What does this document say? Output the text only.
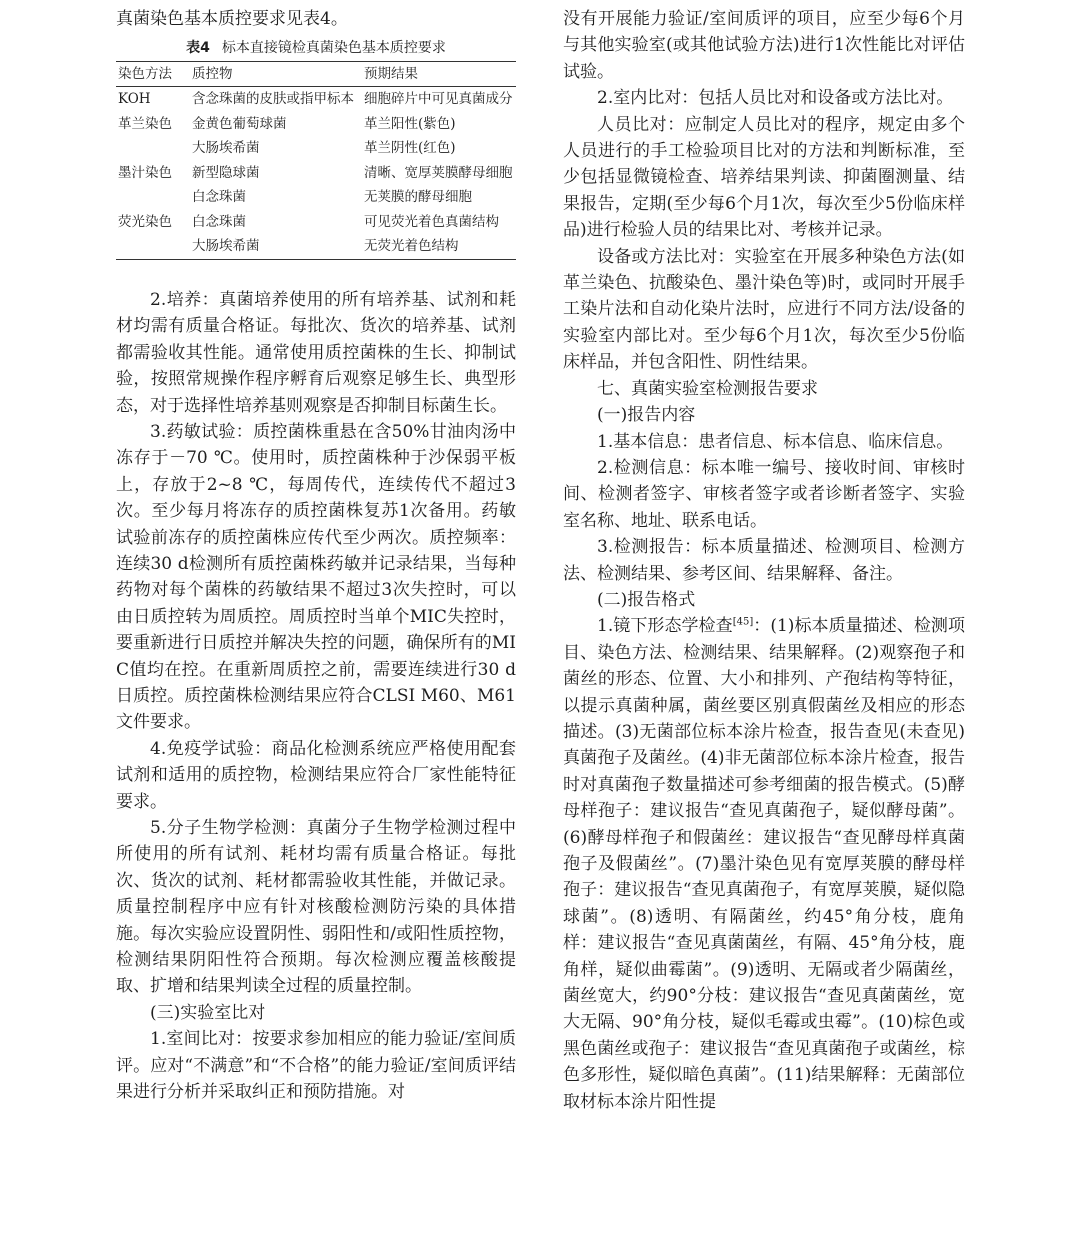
真菌染色基本质控要求见表4。

表4 标本直接镜检真菌染色基本质控要求
染色方法	质控物	预期结果
KOH	含念珠菌的皮肤或指甲标本	细胞碎片中可见真菌成分
革兰染色	金黄色葡萄球菌	革兰阳性(紫色)
	大肠埃希菌	革兰阴性(红色)
墨汁染色	新型隐球菌	清晰、宽厚荚膜酵母细胞
	白念珠菌	无荚膜的酵母细胞
荧光染色	白念珠菌	可见荧光着色真菌结构
	大肠埃希菌	无荧光着色结构

2.培养：真菌培养使用的所有培养基、试剂和耗材均需有质量合格证。每批次、货次的培养基、试剂都需验收其性能。通常使用质控菌株的生长、抑制试验，按照常规操作程序孵育后观察足够生长、典型形态，对于选择性培养基则观察是否抑制目标菌生长。

3.药敏试验：质控菌株重悬在含50%甘油肉汤中冻存于－70 ℃。使用时，质控菌株种于沙保弱平板上，存放于2~8 ℃，每周传代，连续传代不超过3次。至少每月将冻存的质控菌株复苏1次备用。药敏试验前冻存的质控菌株应传代至少两次。质控频率：连续30 d检测所有质控菌株药敏并记录结果，当每种药物对每个菌株的药敏结果不超过3次失控时，可以由日质控转为周质控。周质控时当单个MIC失控时，要重新进行日质控并解决失控的问题，确保所有的MIC值均在控。在重新周质控之前，需要连续进行30 d日质控。质控菌株检测结果应符合CLSI M60、M61文件要求。

4.免疫学试验：商品化检测系统应严格使用配套试剂和适用的质控物，检测结果应符合厂家性能特征要求。

5.分子生物学检测：真菌分子生物学检测过程中所使用的所有试剂、耗材均需有质量合格证。每批次、货次的试剂、耗材都需验收其性能，并做记录。质量控制程序中应有针对核酸检测防污染的具体措施。每次实验应设置阴性、弱阳性和/或阳性质控物，检测结果阴阳性符合预期。每次检测应覆盖核酸提取、扩增和结果判读全过程的质量控制。

(三)实验室比对

1.室间比对：按要求参加相应的能力验证/室间质评。应对“不满意”和“不合格”的能力验证/室间质评结果进行分析并采取纠正和预防措施。对

没有开展能力验证/室间质评的项目，应至少每6个月与其他实验室(或其他试验方法)进行1次性能比对评估试验。

2.室内比对：包括人员比对和设备或方法比对。

人员比对：应制定人员比对的程序，规定由多个人员进行的手工检验项目比对的方法和判断标准，至少包括显微镜检查、培养结果判读、抑菌圈测量、结果报告，定期(至少每6个月1次，每次至少5份临床样品)进行检验人员的结果比对、考核并记录。

设备或方法比对：实验室在开展多种染色方法(如革兰染色、抗酸染色、墨汁染色等)时，或同时开展手工染片法和自动化染片法时，应进行不同方法/设备的实验室内部比对。至少每6个月1次，每次至少5份临床样品，并包含阳性、阴性结果。

七、真菌实验室检测报告要求

(一)报告内容

1.基本信息：患者信息、标本信息、临床信息。

2.检测信息：标本唯一编号、接收时间、审核时间、检测者签字、审核者签字或者诊断者签字、实验室名称、地址、联系电话。

3.检测报告：标本质量描述、检测项目、检测方法、检测结果、参考区间、结果解释、备注。

(二)报告格式

1.镜下形态学检查[45]：(1)标本质量描述、检测项目、染色方法、检测结果、结果解释。(2)观察孢子和菌丝的形态、位置、大小和排列、产孢结构等特征，以提示真菌种属，菌丝要区别真假菌丝及相应的形态描述。(3)无菌部位标本涂片检查，报告查见(未查见)真菌孢子及菌丝。(4)非无菌部位标本涂片检查，报告时对真菌孢子数量描述可参考细菌的报告模式。(5)酵母样孢子：建议报告“查见真菌孢子，疑似酵母菌”。(6)酵母样孢子和假菌丝：建议报告“查见酵母样真菌孢子及假菌丝”。(7)墨汁染色见有宽厚荚膜的酵母样孢子：建议报告“查见真菌孢子，有宽厚荚膜，疑似隐球菌”。(8)透明、有隔菌丝，约45°角分枝，鹿角样：建议报告“查见真菌菌丝，有隔、45°角分枝，鹿角样，疑似曲霉菌”。(9)透明、无隔或者少隔菌丝，菌丝宽大，约90°分枝：建议报告“查见真菌菌丝，宽大无隔、90°角分枝，疑似毛霉或虫霉”。(10)棕色或黑色菌丝或孢子：建议报告“查见真菌孢子或菌丝，棕色多形性，疑似暗色真菌”。(11)结果解释：无菌部位取材标本涂片阳性提
